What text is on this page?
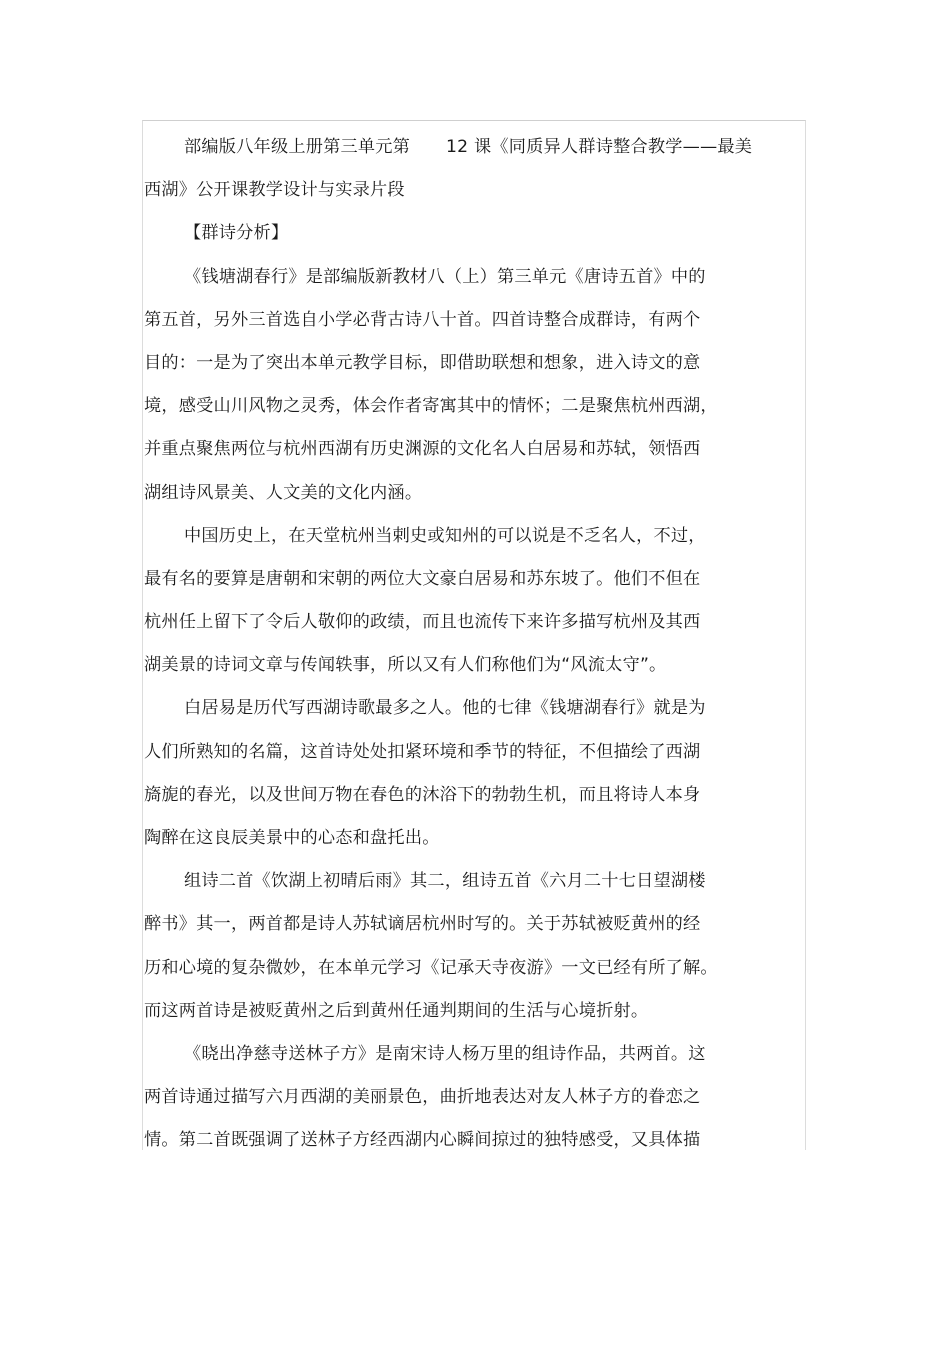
部编版八年级上册第三单元第 12 课《同质异人群诗整合教学——最美
西湖》公开课教学设计与实录片段
【群诗分析】
《钱塘湖春行》是部编版新教材八（上）第三单元《唐诗五首》中的
第五首，另外三首选自小学必背古诗八十首。四首诗整合成群诗，有两个
目的：一是为了突出本单元教学目标，即借助联想和想象，进入诗文的意
境，感受山川风物之灵秀，体会作者寄寓其中的情怀；二是聚焦杭州西湖，
并重点聚焦两位与杭州西湖有历史渊源的文化名人白居易和苏轼，领悟西
湖组诗风景美、人文美的文化内涵。
中国历史上，在天堂杭州当剌史或知州的可以说是不乏名人，不过，
最有名的要算是唐朝和宋朝的两位大文豪白居易和苏东坡了。他们不但在
杭州任上留下了令后人敬仰的政绩，而且也流传下来许多描写杭州及其西
湖美景的诗词文章与传闻轶事，所以又有人们称他们为“风流太守”。
白居易是历代写西湖诗歌最多之人。他的七律《钱塘湖春行》就是为
人们所熟知的名篇，这首诗处处扣紧环境和季节的特征，不但描绘了西湖
旖旎的春光，以及世间万物在春色的沐浴下的勃勃生机，而且将诗人本身
陶醉在这良辰美景中的心态和盘托出。
组诗二首《饮湖上初晴后雨》其二，组诗五首《六月二十七日望湖楼
醉书》其一，两首都是诗人苏轼谪居杭州时写的。关于苏轼被贬黄州的经
历和心境的复杂微妙，在本单元学习《记承天寺夜游》一文已经有所了解。
而这两首诗是被贬黄州之后到黄州任通判期间的生活与心境折射。
《晓出净慈寺送林子方》是南宋诗人杨万里的组诗作品，共两首。这
两首诗通过描写六月西湖的美丽景色，曲折地表达对友人林子方的眷恋之
情。第二首既强调了送林子方经西湖内心瞬间掠过的独特感受，又具体描
